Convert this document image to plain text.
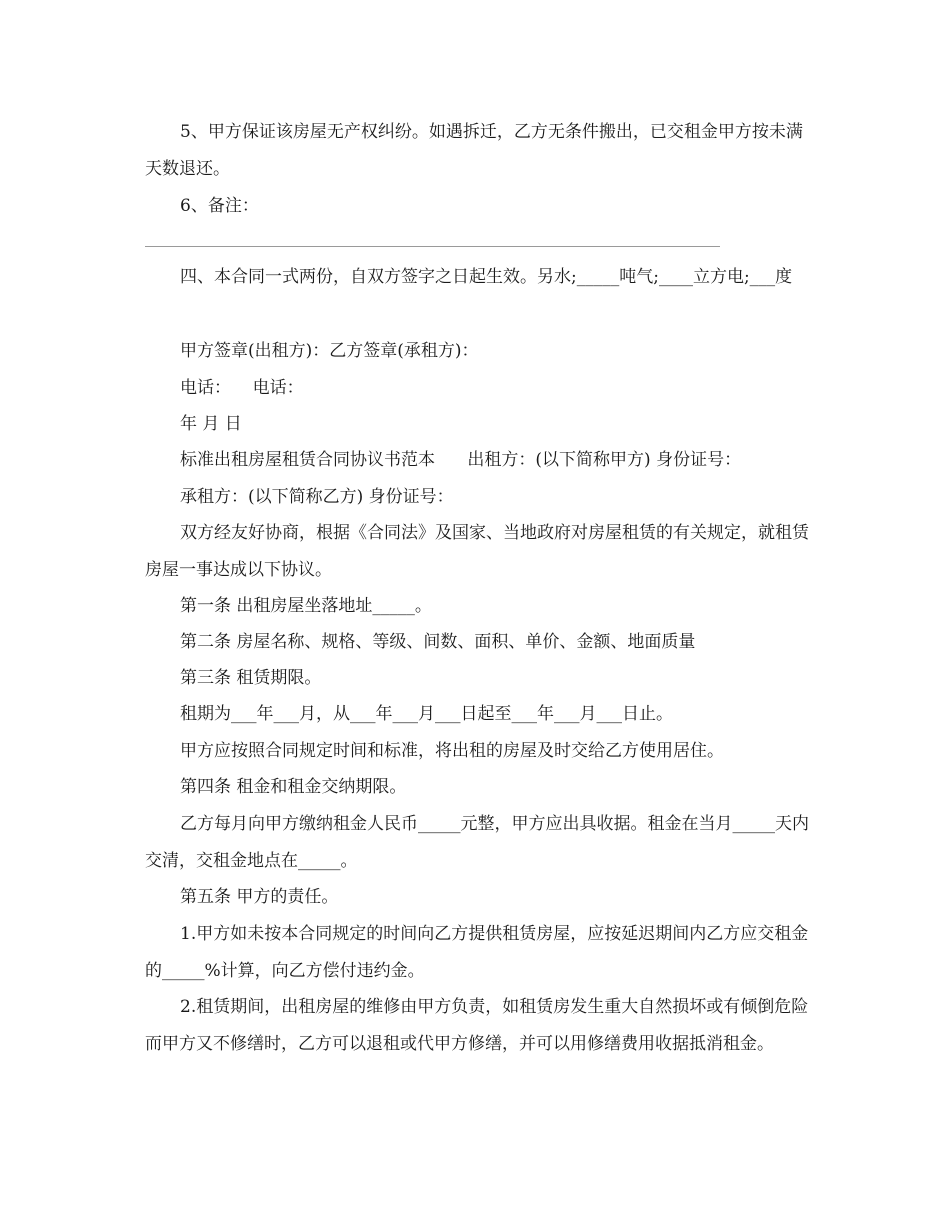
5、甲方保证该房屋无产权纠纷。如遇拆迁，乙方无条件搬出，已交租金甲方按未满天数退还。

6、备注：

四、本合同一式两份，自双方签字之日起生效。另水;_____吨气;____立方电;___度

甲方签章(出租方)：乙方签章(承租方)：

电话：    电话：

年 月 日

标准出租房屋租赁合同协议书范本      出租方：(以下简称甲方) 身份证号：

承租方：(以下简称乙方) 身份证号：

双方经友好协商，根据《合同法》及国家、当地政府对房屋租赁的有关规定，就租赁房屋一事达成以下协议。

第一条 出租房屋坐落地址_____。

第二条 房屋名称、规格、等级、间数、面积、单价、金额、地面质量

第三条 租赁期限。

租期为___年___月，从___年___月___日起至___年___月___日止。

甲方应按照合同规定时间和标准，将出租的房屋及时交给乙方使用居住。

第四条 租金和租金交纳期限。

乙方每月向甲方缴纳租金人民币_____元整，甲方应出具收据。租金在当月_____天内交清，交租金地点在_____。

第五条 甲方的责任。

1.甲方如未按本合同规定的时间向乙方提供租赁房屋，应按延迟期间内乙方应交租金的_____%计算，向乙方偿付违约金。

2.租赁期间，出租房屋的维修由甲方负责，如租赁房发生重大自然损坏或有倾倒危险而甲方又不修缮时，乙方可以退租或代甲方修缮，并可以用修缮费用收据抵消租金。
